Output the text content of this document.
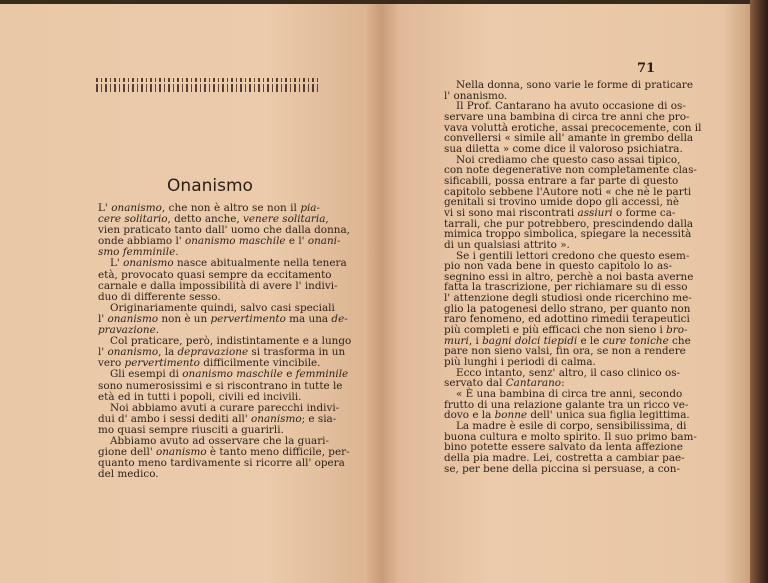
Onanismo
L' onanismo, che non è altro se non il pia-
cere solitario, detto anche, venere solitaria,
vien praticato tanto dall' uomo che dalla donna,
onde abbiamo l' onanismo maschile e l' onani-
smo femminile.
L' onanismo nasce abitualmente nella tenera
età, provocato quasi sempre da eccitamento
carnale e dalla impossibilità di avere l' indivi-
duo di differente sesso.
Originariamente quindi, salvo casi speciali
l' onanismo non è un pervertimento ma una de-
pravazione.
Col praticare, però, indistintamente e a lungo
l' onanismo, la depravazione si trasforma in un
vero pervertimento difficilmente vincibile.
Gli esempi di onanismo maschile e femminile
sono numerosissimi e si riscontrano in tutte le
età ed in tutti i popoli, civili ed incivili.
Noi abbiamo avuti a curare parecchi indivi-
dui d' ambo i sessi dediti all' onanismo; e sia-
mo quasi sempre riusciti a guarirli.
Abbiamo avuto ad osservare che la guari-
gione dell' onanismo è tanto meno difficile, per-
quanto meno tardivamente si ricorre all' opera
del medico.
71
Nella donna, sono varie le forme di praticare
l' onanismo.
Il Prof. Cantarano ha avuto occasione di os-
servare una bambina di circa tre anni che pro-
vava voluttà erotiche, assai precocemente, con il
convellersi « simile all' amante in grembo della
sua diletta » come dice il valoroso psichiatra.
Noi crediamo che questo caso assai tipico,
con note degenerative non completamente clas-
sificabili, possa entrare a far parte di questo
capitolo sebbene l'Autore noti « che nè le parti
genitali si trovino umide dopo gli accessi, nè
vi si sono mai riscontrati assiuri o forme ca-
tarrali, che pur potrebbero, prescindendo dalla
mimica troppo simbolica, spiegare la necessità
di un qualsiasi attrito ».
Se i gentili lettori credono che questo esem-
pio non vada bene in questo capitolo lo as-
segnino essi in altro, perchè a noi basta averne
fatta la trascrizione, per richiamare su di esso
l' attenzione degli studiosi onde ricerchino me-
glio la patogenesi dello strano, per quanto non
raro fenomeno, ed adottino rimedii terapeutici
più completi e più efficaci che non sieno i bro-
muri, i bagni dolci tiepidi e le cure toniche che
pare non sieno valsi, fin ora, se non a rendere
più lunghi i periodi di calma.
Ecco intanto, senz' altro, il caso clinico os-
servato dal Cantarano:
« È una bambina di circa tre anni, secondo
frutto di una relazione galante tra un ricco ve-
dovo e la bonne dell' unica sua figlia legittima.
La madre è esile di corpo, sensibilissima, di
buona cultura e molto spirito. Il suo primo bam-
bino potette essere salvato da lenta affezione
della pia madre. Lei, costretta a cambiar pae-
se, per bene della piccina si persuase, a con-
